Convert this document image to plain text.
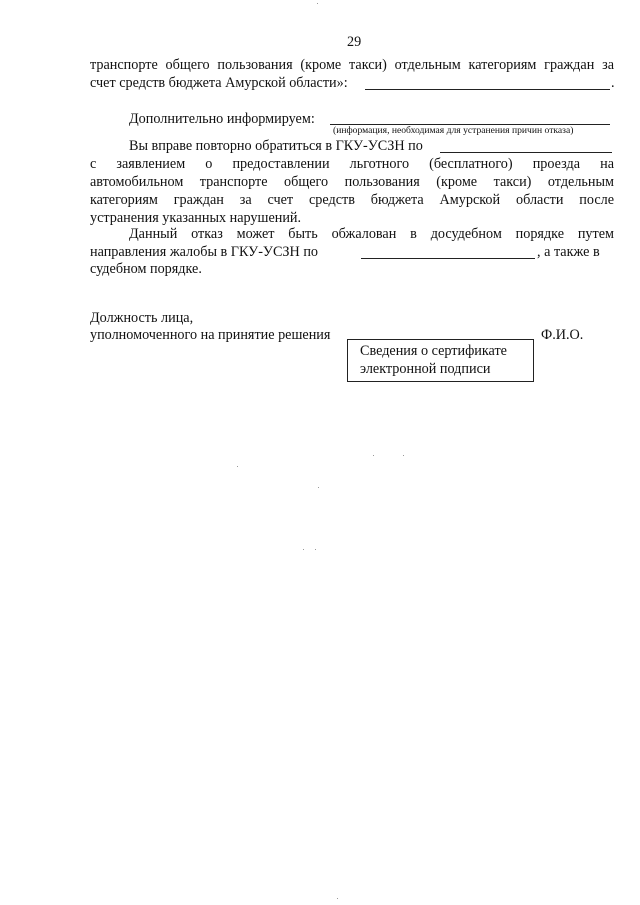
29
транспорте общего пользования (кроме такси) отдельным категориям граждан за
счет средств бюджета Амурской области»:	.
Дополнительно информируем:
(информация, необходимая для устранения причин отказа)
Вы вправе повторно обратиться в ГКУ-УСЗН по
с заявлением о предоставлении льготного (бесплатного) проезда на
автомобильном транспорте общего пользования (кроме такси) отдельным
категориям граждан за счет средств бюджета Амурской области после
устранения указанных нарушений.
Данный отказ может быть обжалован в досудебном порядке путем
направления жалобы в ГКУ-УСЗН по	, а также в
судебном порядке.
Должность лица,
уполномоченного на принятие решения	Ф.И.О.
Сведения о сертификате
электронной подписи
